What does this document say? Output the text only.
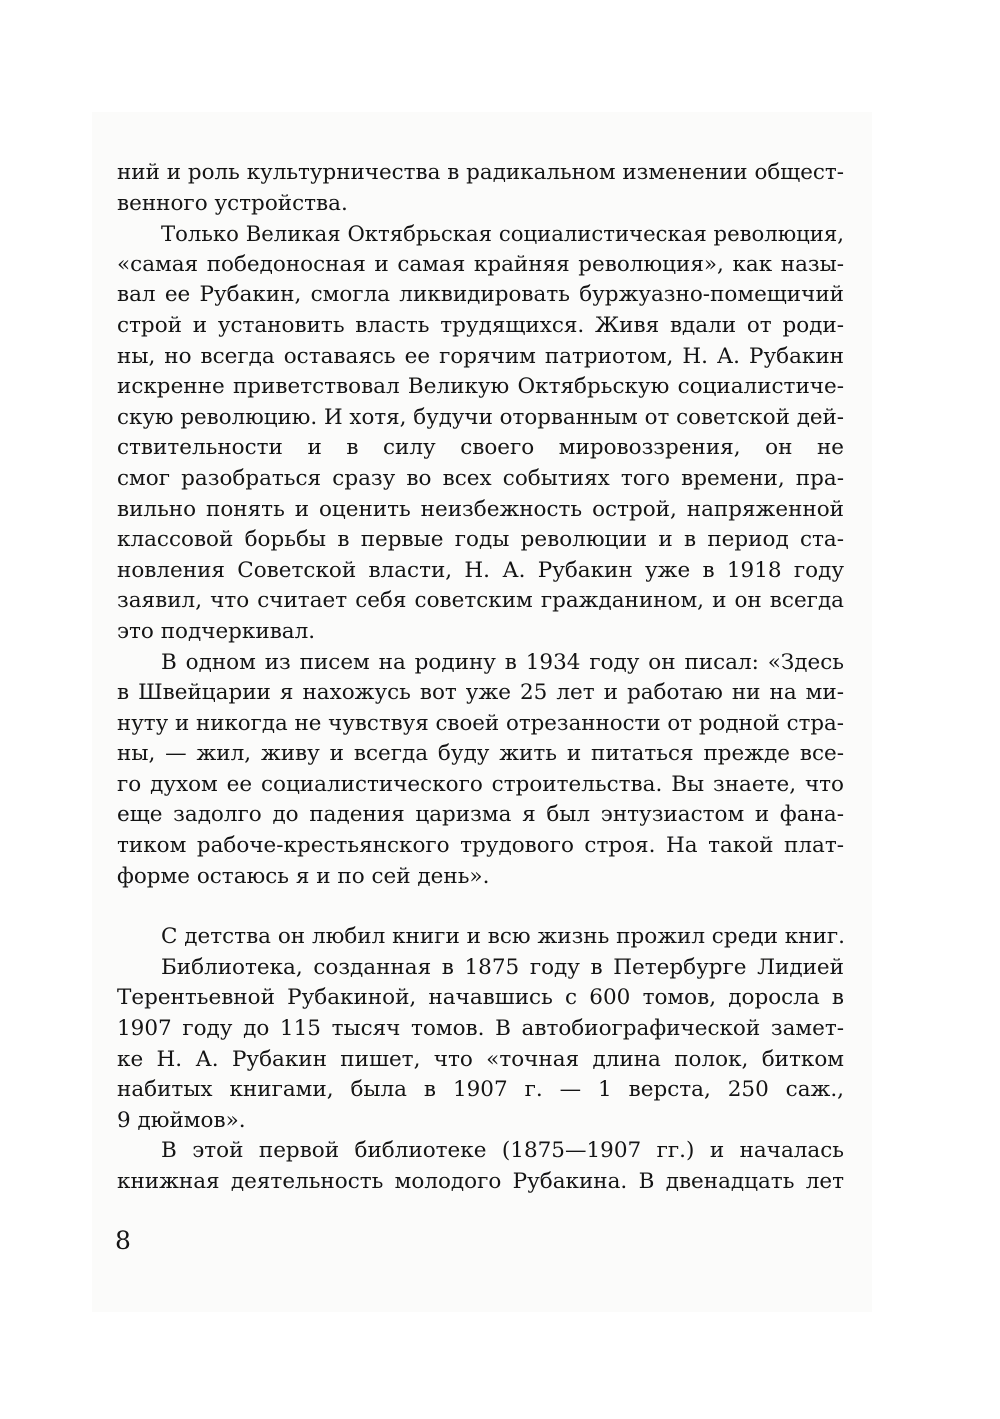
ний и роль культурничества в радикальном изменении общест-
венного устройства.
Только Великая Октябрьская социалистическая революция,
«самая победоносная и самая крайняя революция», как назы-
вал ее Рубакин, смогла ликвидировать буржуазно-помещичий
строй и установить власть трудящихся. Живя вдали от роди-
ны, но всегда оставаясь ее горячим патриотом, Н. А. Рубакин
искренне приветствовал Великую Октябрьскую социалистиче-
скую революцию. И хотя, будучи оторванным от советской дей-
ствительности и в силу своего мировоззрения, он не
смог разобраться сразу во всех событиях того времени, пра-
вильно понять и оценить неизбежность острой, напряженной
классовой борьбы в первые годы революции и в период ста-
новления Советской власти, Н. А. Рубакин уже в 1918 году
заявил, что считает себя советским гражданином, и он всегда
это подчеркивал.
В одном из писем на родину в 1934 году он писал: «Здесь
в Швейцарии я нахожусь вот уже 25 лет и работаю ни на ми-
нуту и никогда не чувствуя своей отрезанности от родной стра-
ны, — жил, живу и всегда буду жить и питаться прежде все-
го духом ее социалистического строительства. Вы знаете, что
еще задолго до падения царизма я был энтузиастом и фана-
тиком рабоче-крестьянского трудового строя. На такой плат-
форме остаюсь я и по сей день».
С детства он любил книги и всю жизнь прожил среди книг.
Библиотека, созданная в 1875 году в Петербурге Лидией
Терентьевной Рубакиной, начавшись с 600 томов, доросла в
1907 году до 115 тысяч томов. В автобиографической замет-
ке Н. А. Рубакин пишет, что «точная длина полок, битком
набитых книгами, была в 1907 г. — 1 верста, 250 саж.,
9 дюймов».
В этой первой библиотеке (1875—1907 гг.) и началась
книжная деятельность молодого Рубакина. В двенадцать лет
8
